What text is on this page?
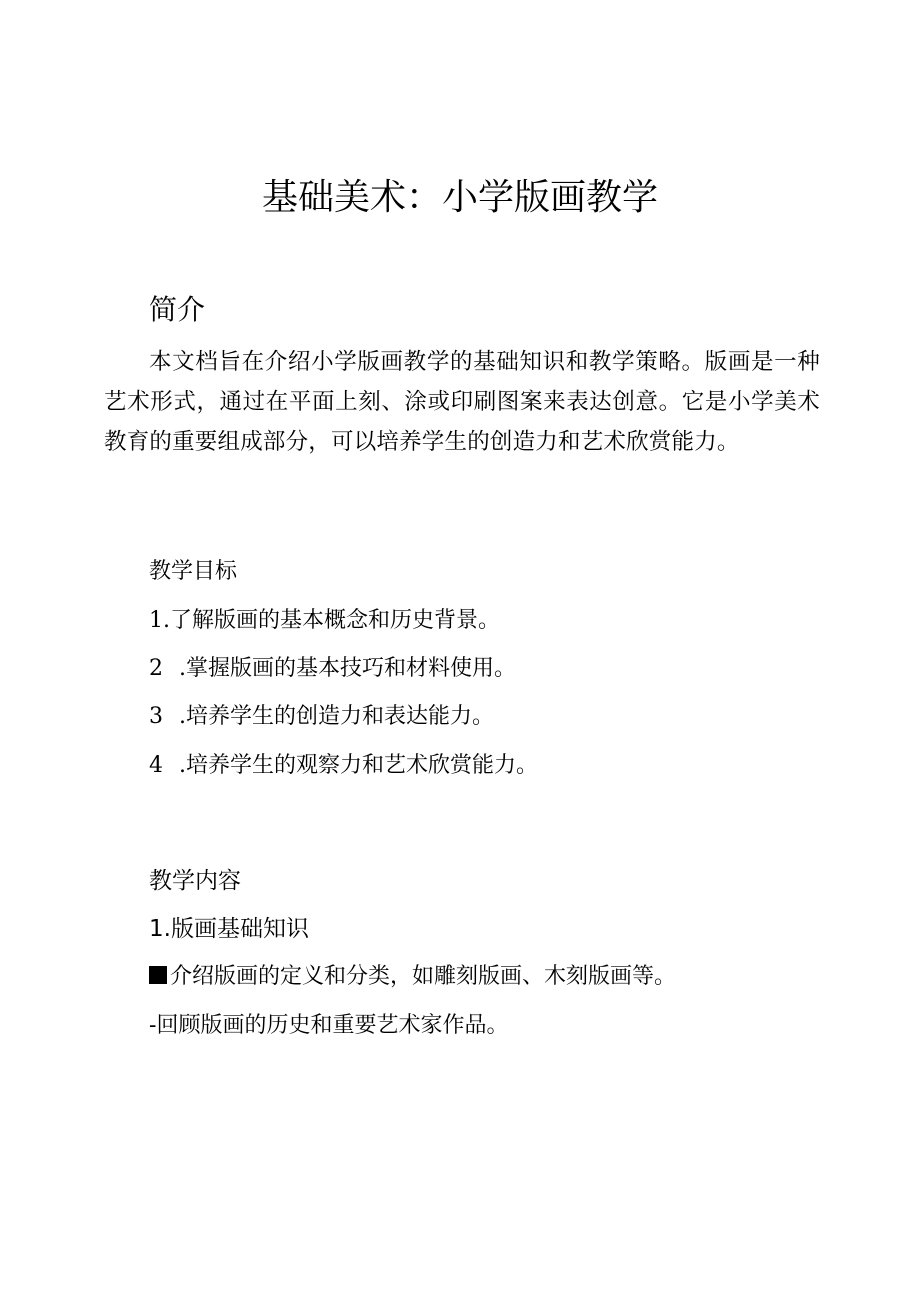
基础美术：小学版画教学
简介

本文档旨在介绍小学版画教学的基础知识和教学策略。版画是一种艺术形式，通过在平面上刻、涂或印刷图案来表达创意。它是小学美术教育的重要组成部分，可以培养学生的创造力和艺术欣赏能力。

教学目标

1.了解版画的基本概念和历史背景。

2 .掌握版画的基本技巧和材料使用。

3 .培养学生的创造力和表达能力。

4 .培养学生的观察力和艺术欣赏能力。

教学内容
1.版画基础知识

介绍版画的定义和分类，如雕刻版画、木刻版画等。

-回顾版画的历史和重要艺术家作品。
